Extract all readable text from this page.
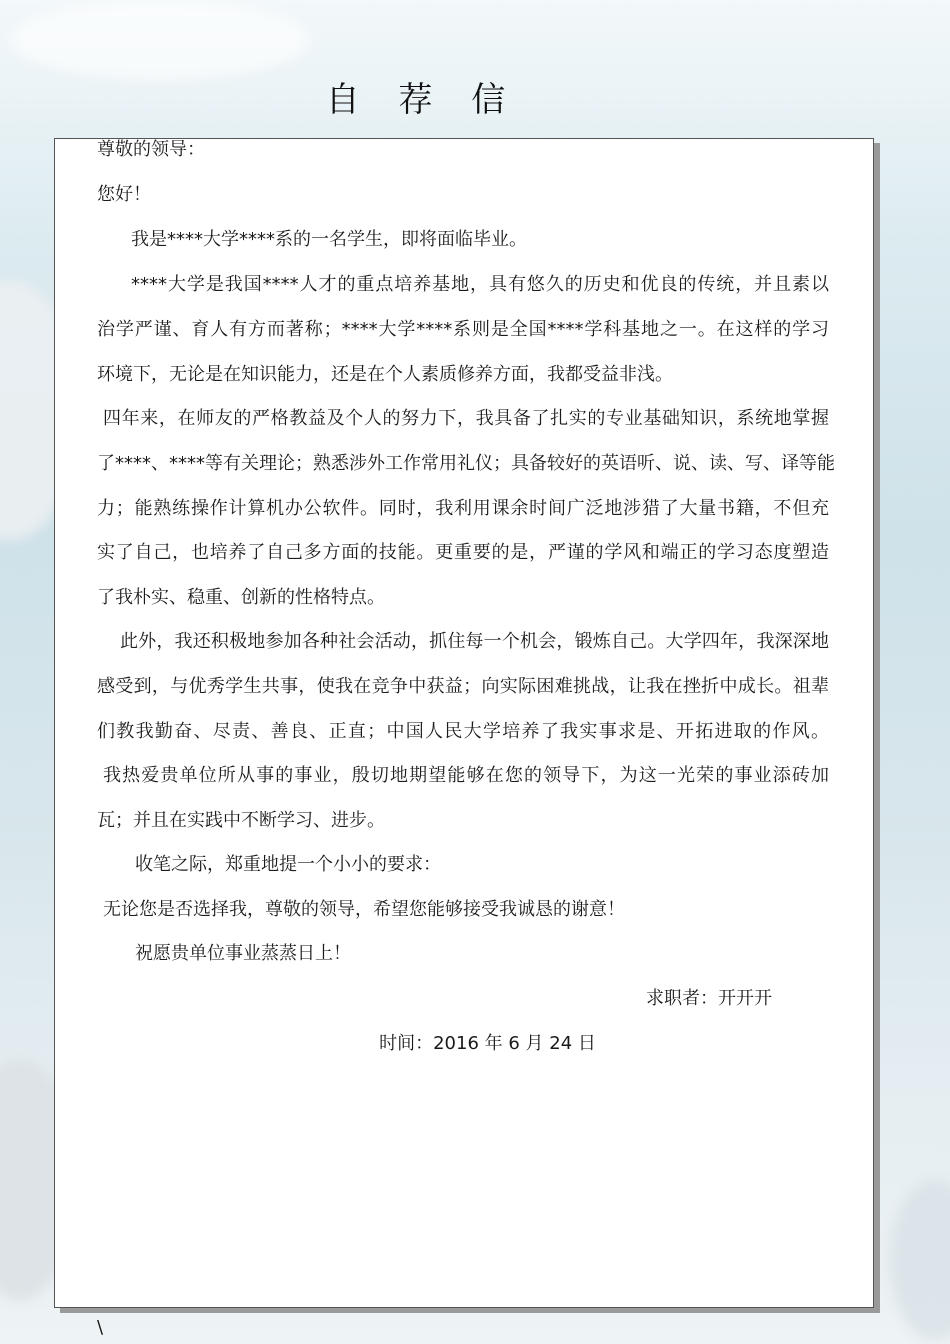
自 荐 信
尊敬的领导：
您好！
我是****大学****系的一名学生，即将面临毕业。
****大学是我国****人才的重点培养基地，具有悠久的历史和优良的传统，并且素以
治学严谨、育人有方而著称；****大学****系则是全国****学科基地之一。在这样的学习
环境下，无论是在知识能力，还是在个人素质修养方面，我都受益非浅。
四年来，在师友的严格教益及个人的努力下，我具备了扎实的专业基础知识，系统地掌握
了****、****等有关理论；熟悉涉外工作常用礼仪；具备较好的英语听、说、读、写、译等能
力；能熟练操作计算机办公软件。同时，我利用课余时间广泛地涉猎了大量书籍，不但充
实了自己，也培养了自己多方面的技能。更重要的是，严谨的学风和端正的学习态度塑造
了我朴实、稳重、创新的性格特点。
此外，我还积极地参加各种社会活动，抓住每一个机会，锻炼自己。大学四年，我深深地
感受到，与优秀学生共事，使我在竞争中获益；向实际困难挑战，让我在挫折中成长。祖辈
们教我勤奋、尽责、善良、正直；中国人民大学培养了我实事求是、开拓进取的作风。
我热爱贵单位所从事的事业，殷切地期望能够在您的领导下，为这一光荣的事业添砖加
瓦；并且在实践中不断学习、进步。
收笔之际，郑重地提一个小小的要求：
无论您是否选择我，尊敬的领导，希望您能够接受我诚恳的谢意！
祝愿贵单位事业蒸蒸日上！
求职者：开开开
时间：2016 年 6 月 24 日
\
